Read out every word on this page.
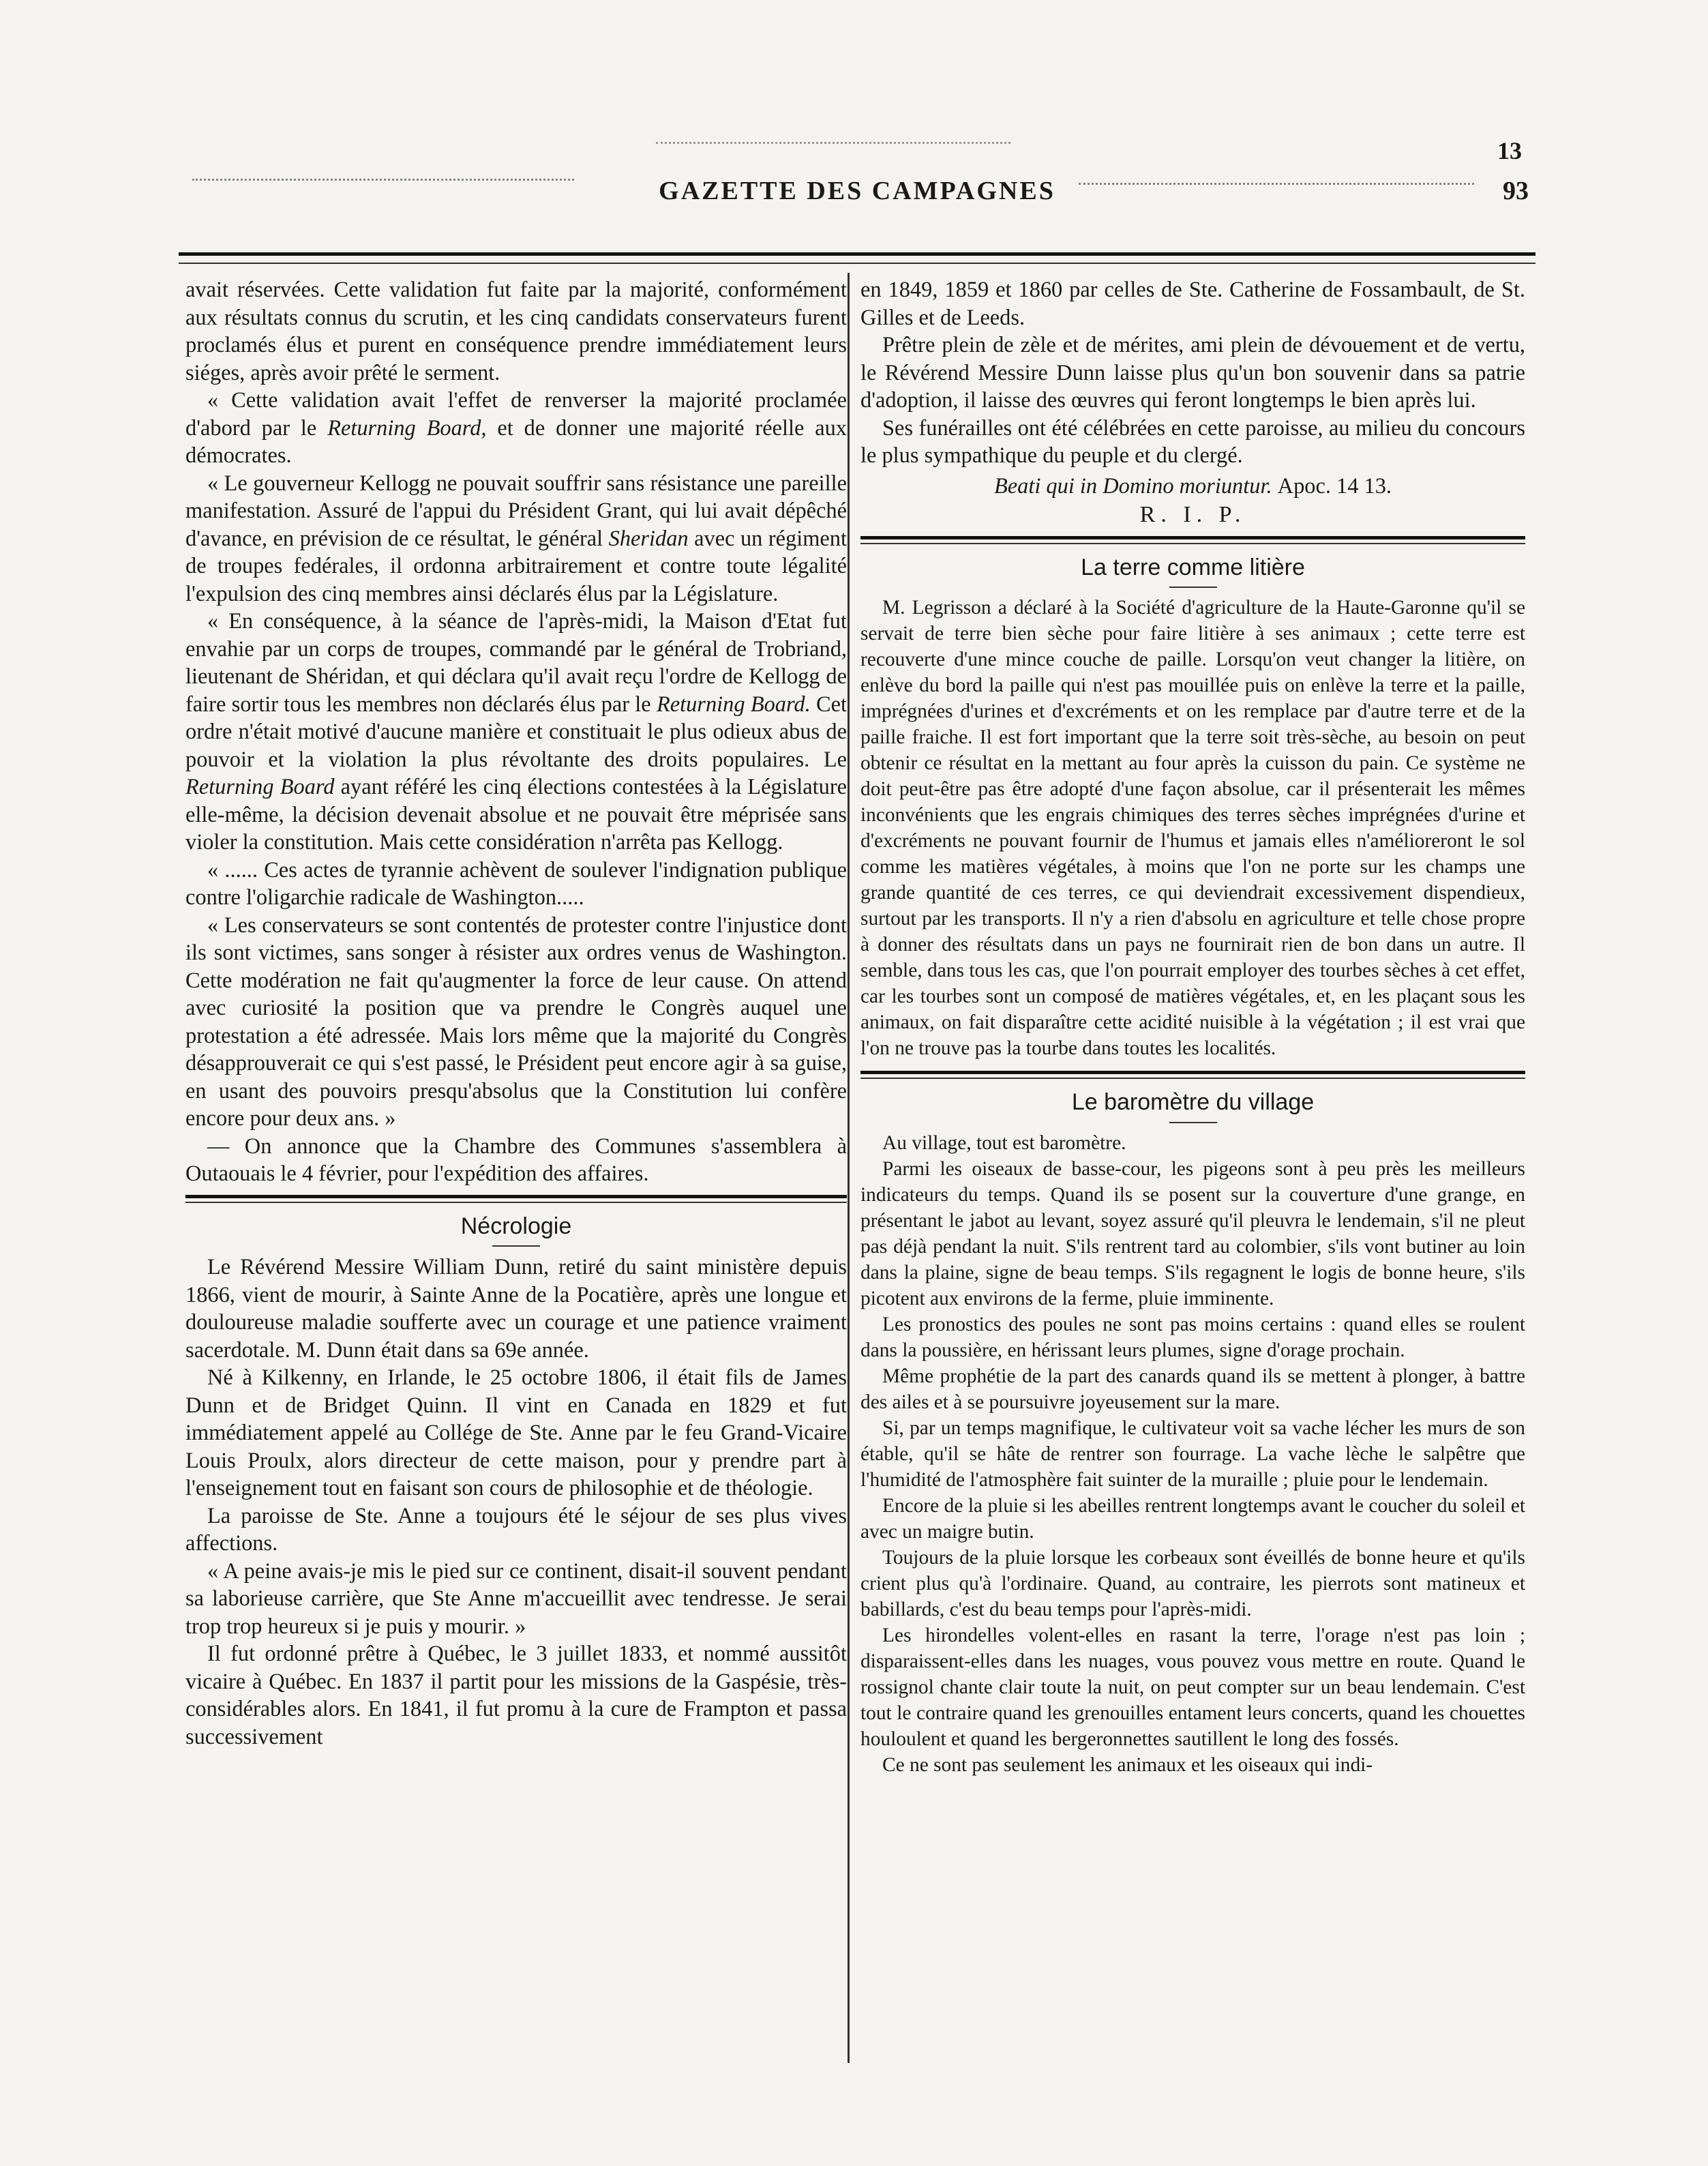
13
GAZETTE DES CAMPAGNES	93

avait réservées. Cette validation fut faite par la majorité, conformément aux résultats connus du scrutin, et les cinq candidats conservateurs furent proclamés élus et purent en conséquence prendre immédiatement leurs siéges, après avoir prêté le serment.

« Cette validation avait l'effet de renverser la majorité proclamée d'abord par le Returning Board, et de donner une majorité réelle aux démocrates.

« Le gouverneur Kellogg ne pouvait souffrir sans résistance une pareille manifestation. Assuré de l'appui du Président Grant, qui lui avait dépêché d'avance, en prévision de ce résultat, le général Sheridan avec un régiment de troupes fedérales, il ordonna arbitrairement et contre toute légalité l'expulsion des cinq membres ainsi déclarés élus par la Législature.

« En conséquence, à la séance de l'après-midi, la Maison d'Etat fut envahie par un corps de troupes, commandé par le général de Trobriand, lieutenant de Shéridan, et qui déclara qu'il avait reçu l'ordre de Kellogg de faire sortir tous les membres non déclarés élus par le Returning Board. Cet ordre n'était motivé d'aucune manière et constituait le plus odieux abus de pouvoir et la violation la plus révoltante des droits populaires. Le Returning Board ayant référé les cinq élections contestées à la Législature elle-même, la décision devenait absolue et ne pouvait être méprisée sans violer la constitution. Mais cette considération n'arrêta pas Kellogg.

« ...... Ces actes de tyrannie achèvent de soulever l'indignation publique contre l'oligarchie radicale de Washington.....

« Les conservateurs se sont contentés de protester contre l'injustice dont ils sont victimes, sans songer à résister aux ordres venus de Washington. Cette modération ne fait qu'augmenter la force de leur cause. On attend avec curiosité la position que va prendre le Congrès auquel une protestation a été adressée. Mais lors même que la majorité du Congrès désapprouverait ce qui s'est passé, le Président peut encore agir à sa guise, en usant des pouvoirs presqu'absolus que la Constitution lui confère encore pour deux ans. »

— On annonce que la Chambre des Communes s'assemblera à Outaouais le 4 février, pour l'expédition des affaires.

Nécrologie

Le Révérend Messire William Dunn, retiré du saint ministère depuis 1866, vient de mourir, à Sainte Anne de la Pocatière, après une longue et douloureuse maladie soufferte avec un courage et une patience vraiment sacerdotale. M. Dunn était dans sa 69e année.

Né à Kilkenny, en Irlande, le 25 octobre 1806, il était fils de James Dunn et de Bridget Quinn. Il vint en Canada en 1829 et fut immédiatement appelé au Collége de Ste. Anne par le feu Grand-Vicaire Louis Proulx, alors directeur de cette maison, pour y prendre part à l'enseignement tout en faisant son cours de philosophie et de théologie.

La paroisse de Ste. Anne a toujours été le séjour de ses plus vives affections.

« A peine avais-je mis le pied sur ce continent, disait-il souvent pendant sa laborieuse carrière, que Ste Anne m'accueillit avec tendresse. Je serai trop trop heureux si je puis y mourir. »

Il fut ordonné prêtre à Québec, le 3 juillet 1833, et nommé aussitôt vicaire à Québec. En 1837 il partit pour les missions de la Gaspésie, très-considérables alors. En 1841, il fut promu à la cure de Frampton et passa successivement

en 1849, 1859 et 1860 par celles de Ste. Catherine de Fossambault, de St. Gilles et de Leeds.

Prêtre plein de zèle et de mérites, ami plein de dévouement et de vertu, le Révérend Messire Dunn laisse plus qu'un bon souvenir dans sa patrie d'adoption, il laisse des œuvres qui feront longtemps le bien après lui.

Ses funérailles ont été célébrées en cette paroisse, au milieu du concours le plus sympathique du peuple et du clergé.

Beati qui in Domino moriuntur. Apoc. 14 13.
R. I. P.
La terre comme litière

M. Legrisson a déclaré à la Société d'agriculture de la Haute-Garonne qu'il se servait de terre bien sèche pour faire litière à ses animaux ; cette terre est recouverte d'une mince couche de paille. Lorsqu'on veut changer la litière, on enlève du bord la paille qui n'est pas mouillée puis on enlève la terre et la paille, imprégnées d'urines et d'excréments et on les remplace par d'autre terre et de la paille fraiche. Il est fort important que la terre soit très-sèche, au besoin on peut obtenir ce résultat en la mettant au four après la cuisson du pain. Ce système ne doit peut-être pas être adopté d'une façon absolue, car il présenterait les mêmes inconvénients que les engrais chimiques des terres sèches imprégnées d'urine et d'excréments ne pouvant fournir de l'humus et jamais elles n'amélioreront le sol comme les matières végétales, à moins que l'on ne porte sur les champs une grande quantité de ces terres, ce qui deviendrait excessivement dispendieux, surtout par les transports. Il n'y a rien d'absolu en agriculture et telle chose propre à donner des résultats dans un pays ne fournirait rien de bon dans un autre. Il semble, dans tous les cas, que l'on pourrait employer des tourbes sèches à cet effet, car les tourbes sont un composé de matières végétales, et, en les plaçant sous les animaux, on fait disparaître cette acidité nuisible à la végétation ; il est vrai que l'on ne trouve pas la tourbe dans toutes les localités.

Le baromètre du village

Au village, tout est baromètre.

Parmi les oiseaux de basse-cour, les pigeons sont à peu près les meilleurs indicateurs du temps. Quand ils se posent sur la couverture d'une grange, en présentant le jabot au levant, soyez assuré qu'il pleuvra le lendemain, s'il ne pleut pas déjà pendant la nuit. S'ils rentrent tard au colombier, s'ils vont butiner au loin dans la plaine, signe de beau temps. S'ils regagnent le logis de bonne heure, s'ils picotent aux environs de la ferme, pluie imminente.

Les pronostics des poules ne sont pas moins certains : quand elles se roulent dans la poussière, en hérissant leurs plumes, signe d'orage prochain.

Même prophétie de la part des canards quand ils se mettent à plonger, à battre des ailes et à se poursuivre joyeusement sur la mare.

Si, par un temps magnifique, le cultivateur voit sa vache lécher les murs de son étable, qu'il se hâte de rentrer son fourrage. La vache lèche le salpêtre que l'humidité de l'atmosphère fait suinter de la muraille ; pluie pour le lendemain.

Encore de la pluie si les abeilles rentrent longtemps avant le coucher du soleil et avec un maigre butin.

Toujours de la pluie lorsque les corbeaux sont éveillés de bonne heure et qu'ils crient plus qu'à l'ordinaire. Quand, au contraire, les pierrots sont matineux et babillards, c'est du beau temps pour l'après-midi.

Les hirondelles volent-elles en rasant la terre, l'orage n'est pas loin ; disparaissent-elles dans les nuages, vous pouvez vous mettre en route. Quand le rossignol chante clair toute la nuit, on peut compter sur un beau lendemain. C'est tout le contraire quand les grenouilles entament leurs concerts, quand les chouettes houloulent et quand les bergeronnettes sautillent le long des fossés.

Ce ne sont pas seulement les animaux et les oiseaux qui indi-
